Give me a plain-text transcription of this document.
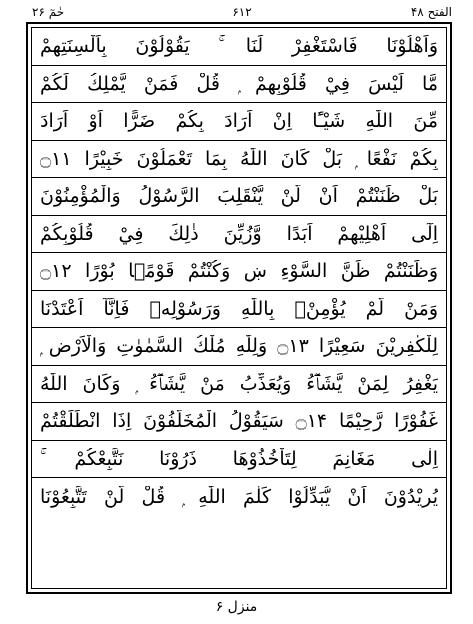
حٰمٓ ۲۶	۶۱۲	الفتح ۴۸
وَاَهْلُوْنَا فَاسْتَغْفِرْ لَنَا ۚ يَقُوْلُوْنَ بِاَلْسِنَتِهِمْ
مَّا لَيْسَ فِيْ قُلُوْبِهِمْ ۭ قُلْ فَمَنْ يَّمْلِكُ لَكُمْ
مِّنَ اللّٰهِ شَيْـًٔا اِنْ اَرَادَ بِكُمْ ضَرًّا اَوْ اَرَادَ
بِكُمْ نَفْعًا ۭ بَلْ كَانَ اللّٰهُ بِمَا تَعْمَلُوْنَ خَبِيْرًا ۝۱۱
بَلْ ظَنَنْتُمْ اَنْ لَّنْ يَّنْقَلِبَ الرَّسُوْلُ وَالْمُؤْمِنُوْنَ
اِلٰٓى اَهْلِيْهِمْ اَبَدًا وَّزُيِّنَ ذٰلِكَ فِيْ قُلُوْبِكُمْ
وَظَنَنْتُمْ ظَنَّ السَّوْءِ ښ وَكُنْتُمْ قَوْمًۢا بُوْرًا ۝۱۲
وَمَنْ لَّمْ يُؤْمِنْۢ بِاللّٰهِ وَرَسُوْلِهٖ فَاِنَّآ اَعْتَدْنَا
لِلْكٰفِرِيْنَ سَعِيْرًا ۝۱۳ وَلِلّٰهِ مُلْكُ السَّمٰوٰتِ وَالْاَرْضِ ۭ
يَغْفِرُ لِمَنْ يَّشَاۗءُ وَيُعَذِّبُ مَنْ يَّشَاۗءُ ۭ وَكَانَ اللّٰهُ
غَفُوْرًا رَّحِيْمًا ۝۱۴ سَيَقُوْلُ الْمُخَلَّفُوْنَ اِذَا انْطَلَقْتُمْ
اِلٰى مَغَانِمَ لِتَاْخُذُوْهَا ذَرُوْنَا نَتَّبِعْكُمْ ۚ
يُرِيْدُوْنَ اَنْ يُّبَدِّلُوْا كَلٰمَ اللّٰهِ ۭ قُلْ لَّنْ تَتَّبِعُوْنَا
منزل ۶
